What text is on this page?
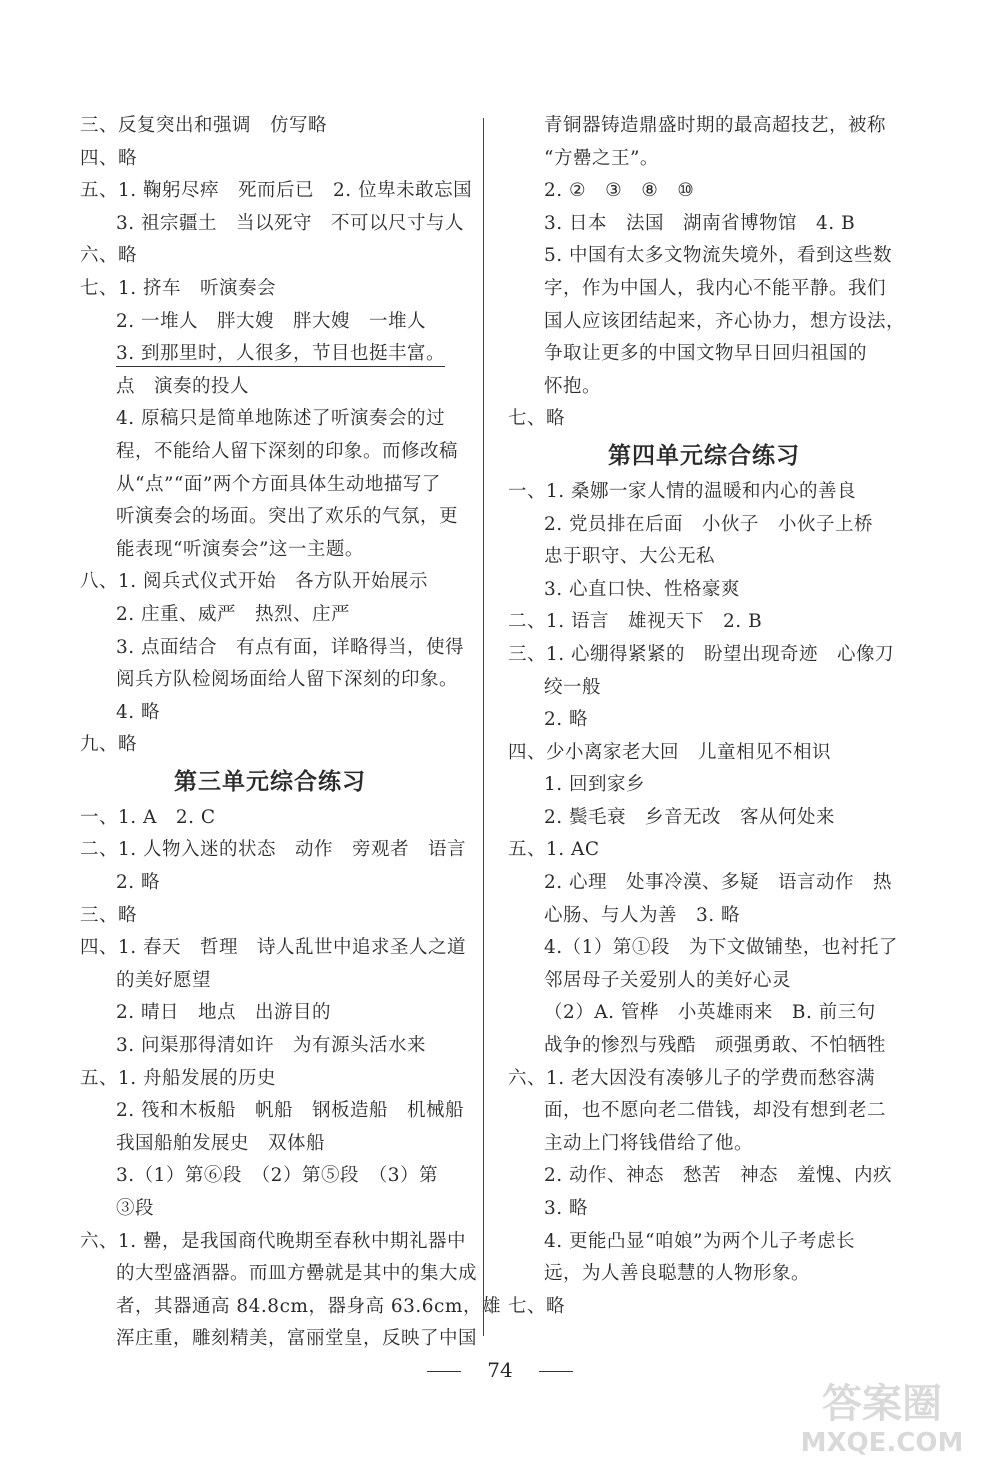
三、反复突出和强调　仿写略
四、略
五、1. 鞠躬尽瘁　死而后已　2. 位卑未敢忘国
3. 祖宗疆土　当以死守　不可以尺寸与人
六、略
七、1. 挤车　听演奏会
2. 一堆人　胖大嫂　胖大嫂　一堆人
3. 到那里时，人很多，节目也挺丰富。
点　演奏的投人
4. 原稿只是简单地陈述了听演奏会的过
程，不能给人留下深刻的印象。而修改稿
从“点”“面”两个方面具体生动地描写了
听演奏会的场面。突出了欢乐的气氛，更
能表现“听演奏会”这一主题。
八、1. 阅兵式仪式开始　各方队开始展示
2. 庄重、威严　热烈、庄严
3. 点面结合　有点有面，详略得当，使得
阅兵方队检阅场面给人留下深刻的印象。
4. 略
九、略
第三单元综合练习
一、1. A　2. C
二、1. 人物入迷的状态　动作　旁观者　语言
2. 略
三、略
四、1. 春天　哲理　诗人乱世中追求圣人之道
的美好愿望
2. 晴日　地点　出游目的
3. 问渠那得清如许　为有源头活水来
五、1. 舟船发展的历史
2. 筏和木板船　帆船　钢板造船　机械船
我国船舶发展史　双体船
3.（1）第⑥段　（2）第⑤段　（3）第
③段
六、1. 罍，是我国商代晚期至春秋中期礼器中
的大型盛酒器。而皿方罍就是其中的集大成
者，其器通高 84.8cm，器身高 63.6cm，雄
浑庄重，雕刻精美，富丽堂皇，反映了中国
青铜器铸造鼎盛时期的最高超技艺，被称
“方罍之王”。
2. ②　③　⑧　⑩
3. 日本　法国　湖南省博物馆　4. B
5. 中国有太多文物流失境外，看到这些数
字，作为中国人，我内心不能平静。我们
国人应该团结起来，齐心协力，想方设法，
争取让更多的中国文物早日回归祖国的
怀抱。
七、略
第四单元综合练习
一、1. 桑娜一家人情的温暖和内心的善良
2. 党员排在后面　小伙子　小伙子上桥
忠于职守、大公无私
3. 心直口快、性格豪爽
二、1. 语言　雄视天下　2. B
三、1. 心绷得紧紧的　盼望出现奇迹　心像刀
绞一般
2. 略
四、少小离家老大回　儿童相见不相识
1. 回到家乡
2. 鬓毛衰　乡音无改　客从何处来
五、1. AC
2. 心理　处事冷漠、多疑　语言动作　热
心肠、与人为善　3. 略
4.（1）第①段　为下文做铺垫，也衬托了
邻居母子关爱别人的美好心灵
（2）A. 管桦　小英雄雨来　B. 前三句
战争的惨烈与残酷　顽强勇敢、不怕牺牲
六、1. 老大因没有凑够儿子的学费而愁容满
面，也不愿向老二借钱，却没有想到老二
主动上门将钱借给了他。
2. 动作、神态　愁苦　神态　羞愧、内疚
3. 略
4. 更能凸显“咱娘”为两个儿子考虑长
远，为人善良聪慧的人物形象。
七、略
74
答案圈
MXQE.COM
